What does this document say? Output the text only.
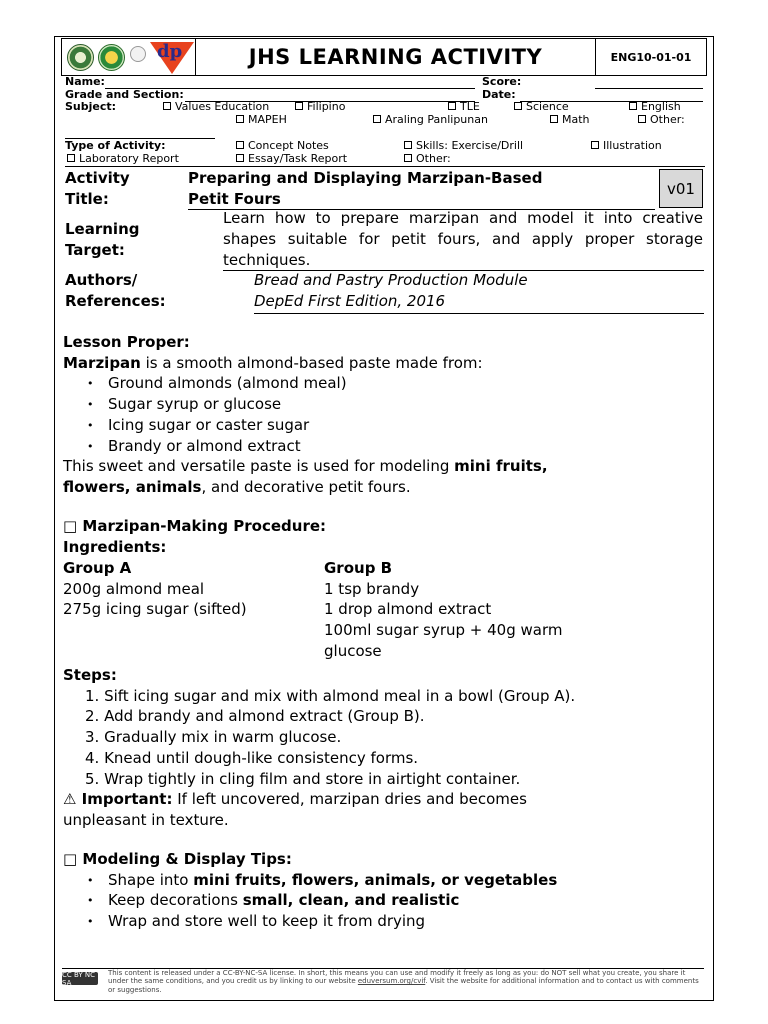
dp	JHS LEARNING ACTIVITY	ENG10-01-01
Name:	Score:
Grade and Section:	Date:
Subject:	Values Education	Filipino	TLE	Science	English
MAPEH	Araling Panlipunan	Math	Other:
Type of Activity:	Concept Notes	Skills: Exercise/Drill	Illustration
Laboratory Report	Essay/Task Report	Other:
Activity
Title:
Preparing and Displaying Marzipan-Based
Petit Fours
v01
Learning
Target:
Learn how to prepare marzipan and model it into creative shapes suitable for petit fours, and apply proper storage techniques.
Authors/
References:
Bread and Pastry Production Module
DepEd First Edition, 2016
Lesson Proper:
Marzipan is a smooth almond-based paste made from:
• Ground almonds (almond meal)
• Sugar syrup or glucose
• Icing sugar or caster sugar
• Brandy or almond extract
This sweet and versatile paste is used for modeling mini fruits,
flowers, animals, and decorative petit fours.
□ Marzipan-Making Procedure:
Ingredients:
Group A
200g almond meal
275g icing sugar (sifted)
Group B
1 tsp brandy
1 drop almond extract
100ml sugar syrup + 40g warm
glucose
Steps:
1. Sift icing sugar and mix with almond meal in a bowl (Group A).
2. Add brandy and almond extract (Group B).
3. Gradually mix in warm glucose.
4. Knead until dough-like consistency forms.
5. Wrap tightly in cling film and store in airtight container.
⚠ Important: If left uncovered, marzipan dries and becomes
unpleasant in texture.
□ Modeling & Display Tips:
• Shape into mini fruits, flowers, animals, or vegetables
• Keep decorations small, clean, and realistic
• Wrap and store well to keep it from drying
CC BY NC SA
This content is released under a CC-BY-NC-SA license. In short, this means you can use and modify it freely as long as you: do NOT sell what you create, you share it under the same conditions, and you credit us by linking to our website eduversum.org/cvif. Visit the website for additional information and to contact us with comments or suggestions.
